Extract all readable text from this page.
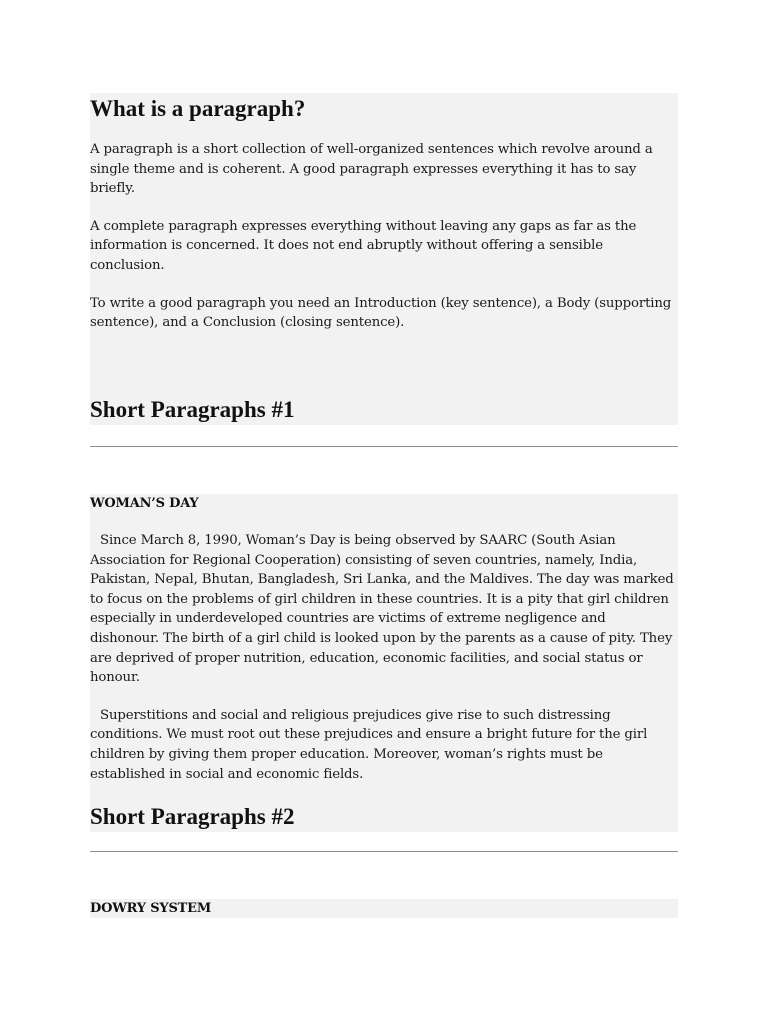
What is a paragraph?

A paragraph is a short collection of well-organized sentences which revolve around a single theme and is coherent. A good paragraph expresses everything it has to say briefly.

A complete paragraph expresses everything without leaving any gaps as far as the information is concerned. It does not end abruptly without offering a sensible conclusion.

To write a good paragraph you need an Introduction (key sentence), a Body (supporting sentence), and a Conclusion (closing sentence).

Short Paragraphs #1
WOMAN’S DAY

Since March 8, 1990, Woman’s Day is being observed by SAARC (South Asian Association for Regional Cooperation) consisting of seven countries, namely, India, Pakistan, Nepal, Bhutan, Bangladesh, Sri Lanka, and the Maldives. The day was marked to focus on the problems of girl children in these countries. It is a pity that girl children especially in underdeveloped countries are victims of extreme negligence and dishonour. The birth of a girl child is looked upon by the parents as a cause of pity. They are deprived of proper nutrition, education, economic facilities, and social status or honour.

Superstitions and social and religious prejudices give rise to such distressing conditions. We must root out these prejudices and ensure a bright future for the girl children by giving them proper education. Moreover, woman’s rights must be established in social and economic fields.

Short Paragraphs #2
DOWRY SYSTEM
